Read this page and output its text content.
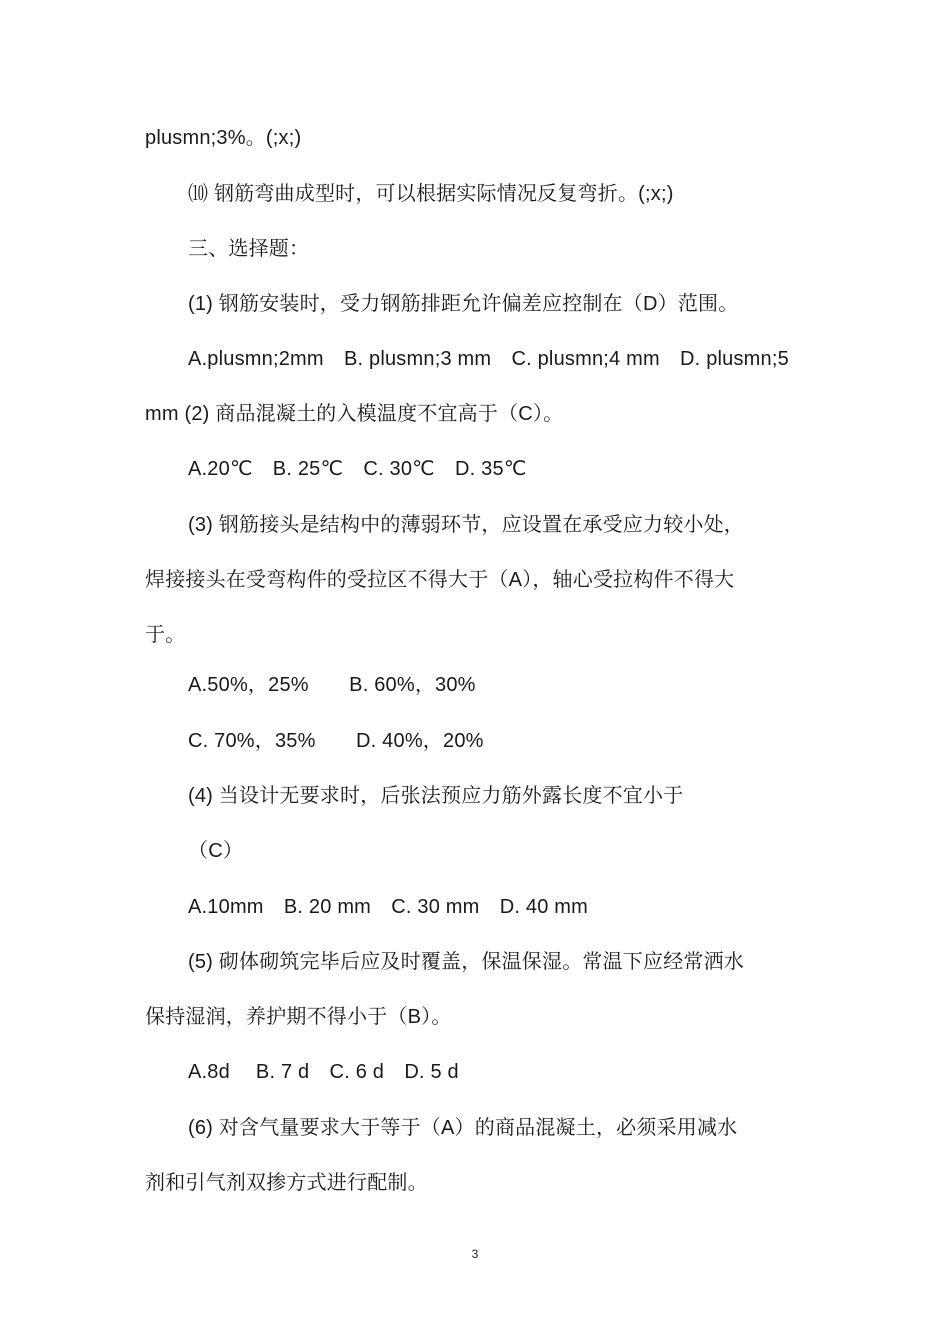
plusmn;3%。(;x;)
⑽ 钢筋弯曲成型时，可以根据实际情况反复弯折。(;x;)
三、选择题：
(1) 钢筋安装时，受力钢筋排距允许偏差应控制在（D）范围。
A.plusmn;2mm　B. plusmn;3 mm　C. plusmn;4 mm　D. plusmn;5
mm (2) 商品混凝土的入模温度不宜高于（C）。
A.20℃　B. 25℃　C. 30℃　D. 35℃
(3) 钢筋接头是结构中的薄弱环节，应设置在承受应力较小处，
焊接接头在受弯构件的受拉区不得大于（A），轴心受拉构件不得大
于。
A.50%，25%　　B. 60%，30%
C. 70%，35%　　D. 40%，20%
(4) 当设计无要求时，后张法预应力筋外露长度不宜小于
（C）
A.10mm　B. 20 mm　C. 30 mm　D. 40 mm
(5) 砌体砌筑完毕后应及时覆盖，保温保湿。常温下应经常洒水
保持湿润，养护期不得小于（B）。
A.8d　 B. 7 d　C. 6 d　D. 5 d
(6) 对含气量要求大于等于（A）的商品混凝土，必须采用减水
剂和引气剂双掺方式进行配制。
3
